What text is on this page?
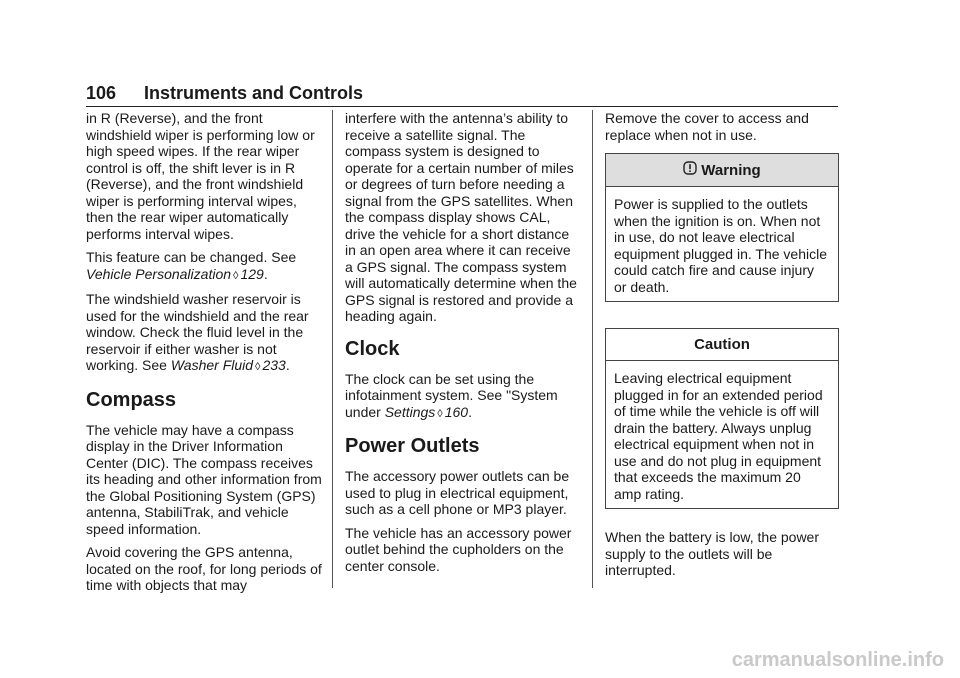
106 Instruments and Controls

in R (Reverse), and the front windshield wiper is performing low or high speed wipes. If the rear wiper control is off, the shift lever is in R (Reverse), and the front windshield wiper is performing interval wipes, then the rear wiper automatically performs interval wipes.

This feature can be changed. See
Vehicle Personalization ◊ 129.

The windshield washer reservoir is used for the windshield and the rear window. Check the fluid level in the reservoir if either washer is not working. See Washer Fluid ◊ 233.

Compass

The vehicle may have a compass display in the Driver Information Center (DIC). The compass receives its heading and other information from the Global Positioning System (GPS) antenna, StabiliTrak, and vehicle speed information.

Avoid covering the GPS antenna, located on the roof, for long periods of time with objects that may

interfere with the antenna’s ability to receive a satellite signal. The compass system is designed to operate for a certain number of miles or degrees of turn before needing a signal from the GPS satellites. When the compass display shows CAL, drive the vehicle for a short distance in an open area where it can receive a GPS signal. The compass system will automatically determine when the GPS signal is restored and provide a heading again.

Clock

The clock can be set using the infotainment system. See "System under Settings ◊ 160.

Power Outlets

The accessory power outlets can be used to plug in electrical equipment, such as a cell phone or MP3 player.

The vehicle has an accessory power outlet behind the cupholders on the center console.

Remove the cover to access and replace when not in use.

Warning
Power is supplied to the outlets when the ignition is on. When not in use, do not leave electrical equipment plugged in. The vehicle could catch fire and cause injury or death.
Caution
Leaving electrical equipment plugged in for an extended period of time while the vehicle is off will drain the battery. Always unplug electrical equipment when not in use and do not plug in equipment that exceeds the maximum 20 amp rating.

When the battery is low, the power supply to the outlets will be interrupted.

carmanualsonline.info
